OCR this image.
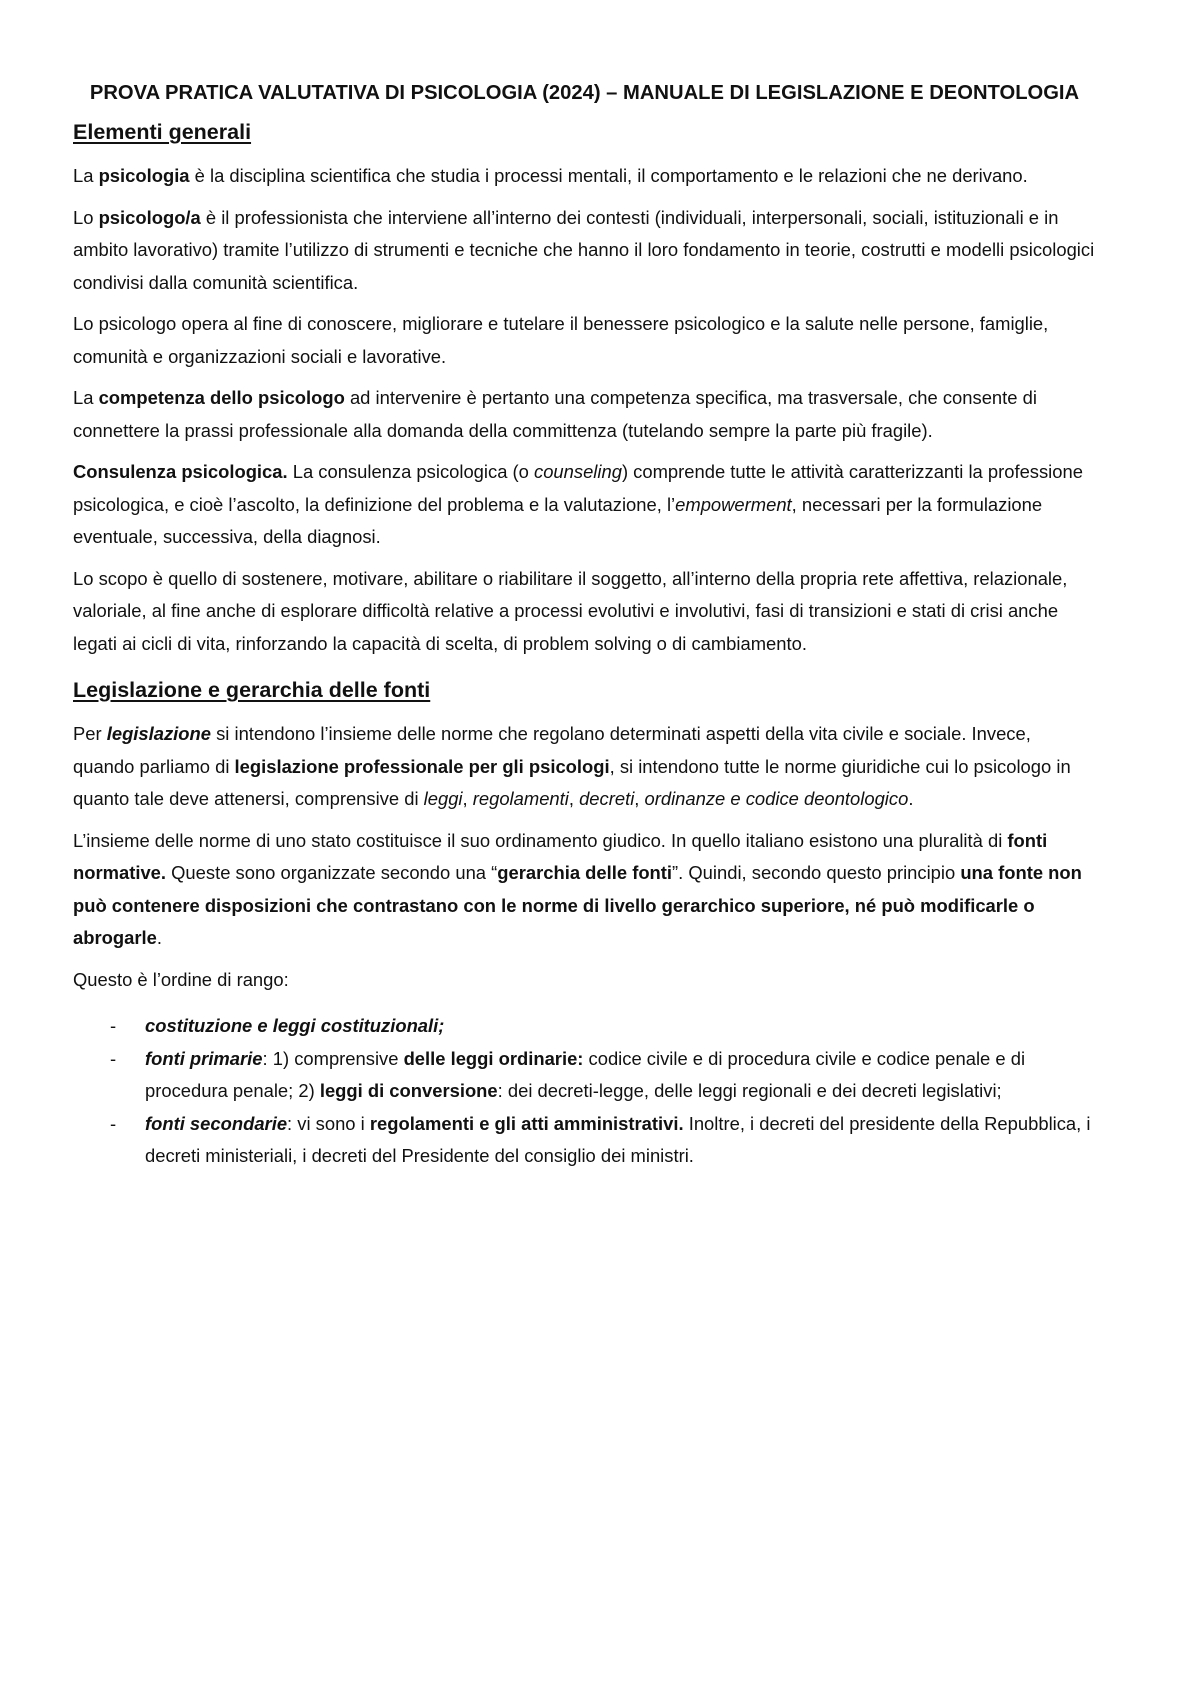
PROVA PRATICA VALUTATIVA DI PSICOLOGIA (2024) – MANUALE DI LEGISLAZIONE E DEONTOLOGIA
Elementi generali

La psicologia è la disciplina scientifica che studia i processi mentali, il comportamento e le relazioni che ne derivano.

Lo psicologo/a è il professionista che interviene all’interno dei contesti (individuali, interpersonali, sociali, istituzionali e in ambito lavorativo) tramite l’utilizzo di strumenti e tecniche che hanno il loro fondamento in teorie, costrutti e modelli psicologici condivisi dalla comunità scientifica.

Lo psicologo opera al fine di conoscere, migliorare e tutelare il benessere psicologico e la salute nelle persone, famiglie, comunità e organizzazioni sociali e lavorative.

La competenza dello psicologo ad intervenire è pertanto una competenza specifica, ma trasversale, che consente di connettere la prassi professionale alla domanda della committenza (tutelando sempre la parte più fragile).

Consulenza psicologica. La consulenza psicologica (o counseling) comprende tutte le attività caratterizzanti la professione psicologica, e cioè l’ascolto, la definizione del problema e la valutazione, l’empowerment, necessari per la formulazione eventuale, successiva, della diagnosi.

Lo scopo è quello di sostenere, motivare, abilitare o riabilitare il soggetto, all’interno della propria rete affettiva, relazionale, valoriale, al fine anche di esplorare difficoltà relative a processi evolutivi e involutivi, fasi di transizioni e stati di crisi anche legati ai cicli di vita, rinforzando la capacità di scelta, di problem solving o di cambiamento.

Legislazione e gerarchia delle fonti

Per legislazione si intendono l’insieme delle norme che regolano determinati aspetti della vita civile e sociale. Invece, quando parliamo di legislazione professionale per gli psicologi, si intendono tutte le norme giuridiche cui lo psicologo in quanto tale deve attenersi, comprensive di leggi, regolamenti, decreti, ordinanze e codice deontologico.

L’insieme delle norme di uno stato costituisce il suo ordinamento giudico. In quello italiano esistono una pluralità di fonti normative. Queste sono organizzate secondo una “gerarchia delle fonti”. Quindi, secondo questo principio una fonte non può contenere disposizioni che contrastano con le norme di livello gerarchico superiore, né può modificarle o abrogarle.

Questo è l’ordine di rango:

- costituzione e leggi costituzionali;
- fonti primarie: 1) comprensive delle leggi ordinarie: codice civile e di procedura civile e codice penale e di procedura penale; 2) leggi di conversione: dei decreti-legge, delle leggi regionali e dei decreti legislativi;
- fonti secondarie: vi sono i regolamenti e gli atti amministrativi. Inoltre, i decreti del presidente della Repubblica, i decreti ministeriali, i decreti del Presidente del consiglio dei ministri.
